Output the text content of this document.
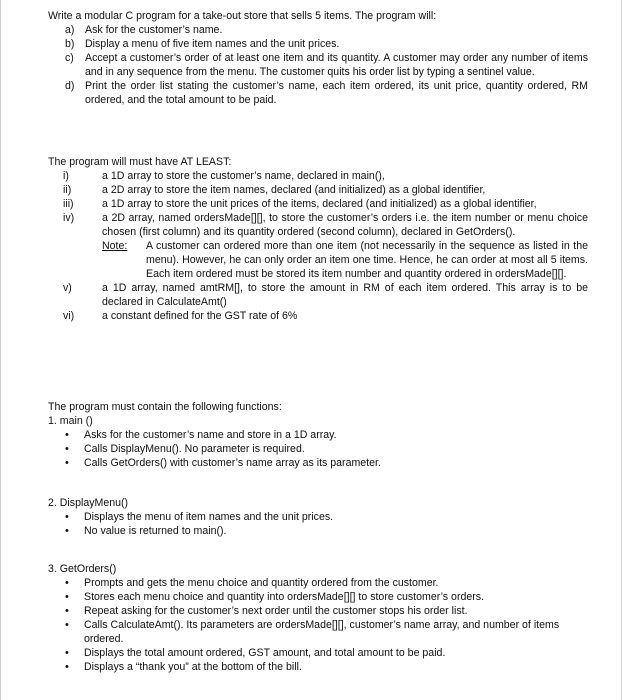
Write a modular C program for a take-out store that sells 5 items. The program will:

a) Ask for the customer’s name.
b) Display a menu of five item names and the unit prices.
c) Accept a customer’s order of at least one item and its quantity. A customer may order any number of items and in any sequence from the menu. The customer quits his order list by typing a sentinel value.
d) Print the order list stating the customer’s name, each item ordered, its unit price, quantity ordered, RM ordered, and the total amount to be paid.

The program will must have AT LEAST:

i)	a 1D array to store the customer’s name, declared in main(),
ii)	a 2D array to store the item names, declared (and initialized) as a global identifier,
iii)	a 1D array to store the unit prices of the items, declared (and initialized) as a global identifier,
iv)	a 2D array, named ordersMade[][], to store the customer’s orders i.e. the item number or menu choice chosen (first column) and its quantity ordered (second column), declared in GetOrders().
Note: A customer can ordered more than one item (not necessarily in the sequence as listed in the menu). However, he can only order an item one time. Hence, he can order at most all 5 items. Each item ordered must be stored its item number and quantity ordered in ordersMade[][].
v)	a 1D array, named amtRM[], to store the amount in RM of each item ordered. This array is to be declared in CalculateAmt()
vi)	a constant defined for the GST rate of 6%

The program must contain the following functions:

1. main ()
• Asks for the customer’s name and store in a 1D array.
• Calls DisplayMenu(). No parameter is required.
• Calls GetOrders() with customer’s name array as its parameter.
2. DisplayMenu()
• Displays the menu of item names and the unit prices.
• No value is returned to main().
3. GetOrders()
• Prompts and gets the menu choice and quantity ordered from the customer.
• Stores each menu choice and quantity into ordersMade[][] to store customer’s orders.
• Repeat asking for the customer’s next order until the customer stops his order list.
• Calls CalculateAmt(). Its parameters are ordersMade[][], customer’s name array, and number of items ordered.
• Displays the total amount ordered, GST amount, and total amount to be paid.
• Displays a “thank you” at the bottom of the bill.
